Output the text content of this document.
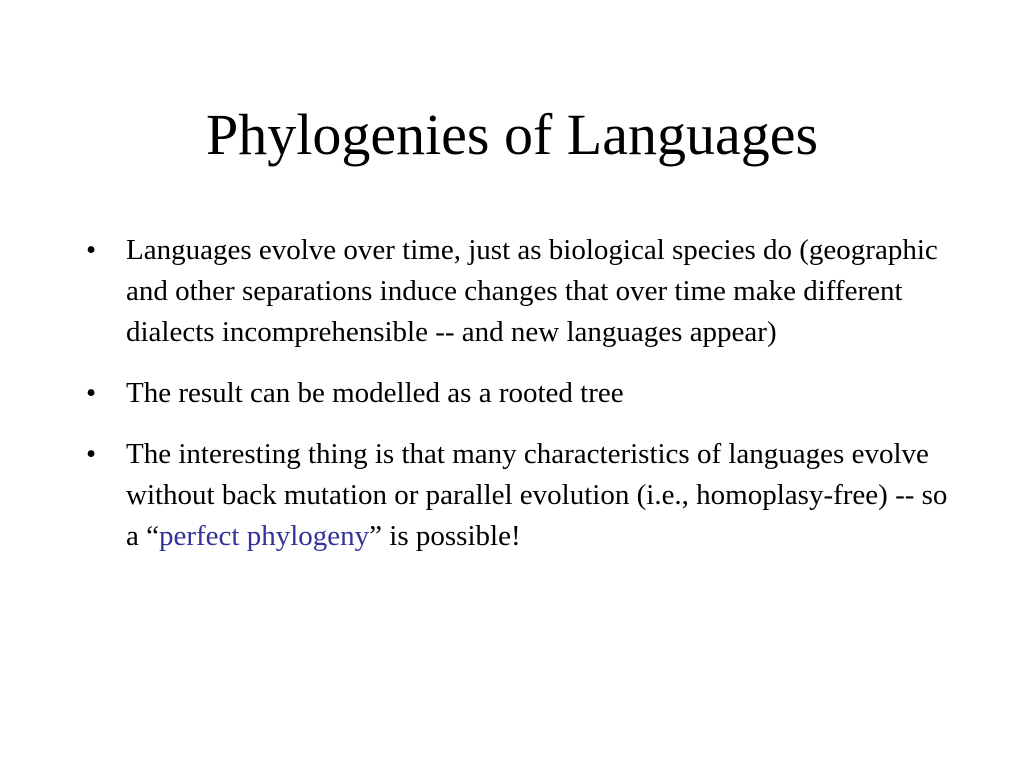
Phylogenies of Languages
• Languages evolve over time, just as biological species do (geographic and other separations induce changes that over time make different dialects incomprehensible -- and new languages appear)
• The result can be modelled as a rooted tree
• The interesting thing is that many characteristics of languages evolve without back mutation or parallel evolution (i.e., homoplasy-free) -- so a “perfect phylogeny” is possible!
